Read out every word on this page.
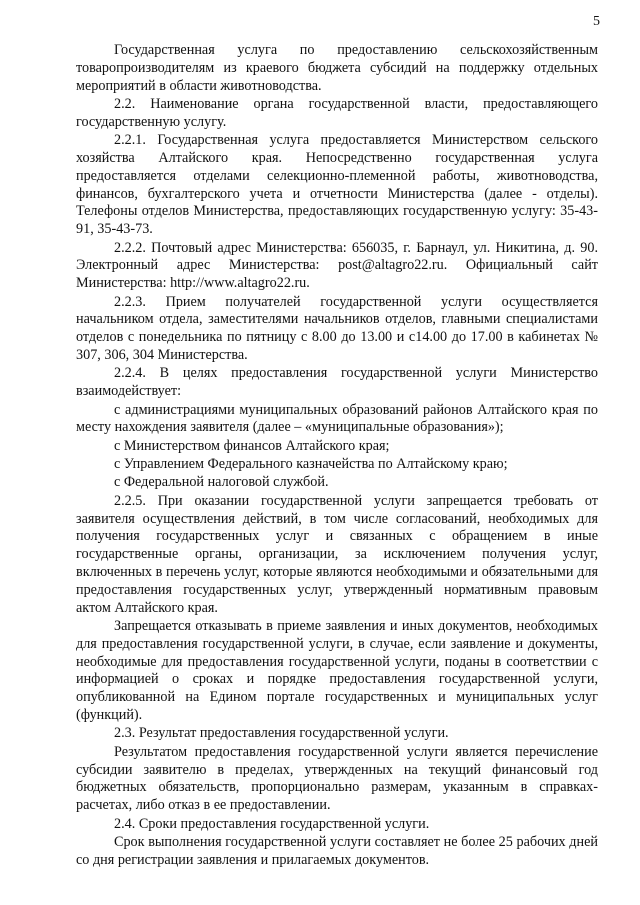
5

Государственная услуга по предоставлению сельскохозяйственным товаропроизводителям из краевого бюджета субсидий на поддержку отдельных мероприятий в области животноводства.

2.2. Наименование органа государственной власти, предоставляющего государственную услугу.

2.2.1. Государственная услуга предоставляется Министерством сельского хозяйства Алтайского края. Непосредственно государственная услуга предоставляется отделами селекционно-племенной работы, животноводства, финансов, бухгалтерского учета и отчетности Министерства (далее - отделы). Телефоны отделов Министерства, предоставляющих государственную услугу: 35-43-91, 35-43-73.

2.2.2. Почтовый адрес Министерства: 656035, г. Барнаул, ул. Никитина, д. 90. Электронный адрес Министерства: post@altagro22.ru. Официальный сайт Министерства: http://www.altagro22.ru.

2.2.3. Прием получателей государственной услуги осуществляется начальником отдела, заместителями начальников отделов, главными специалистами отделов с понедельника по пятницу с 8.00 до 13.00 и с14.00 до 17.00 в кабинетах № 307, 306, 304 Министерства.

2.2.4. В целях предоставления государственной услуги Министерство взаимодействует:

с администрациями муниципальных образований районов Алтайского края по месту нахождения заявителя (далее – «муниципальные образования»);

с Министерством финансов Алтайского края;

с Управлением Федерального казначейства по Алтайскому краю;

с Федеральной налоговой службой.

2.2.5. При оказании государственной услуги запрещается требовать от заявителя осуществления действий, в том числе согласований, необходимых для получения государственных услуг и связанных с обращением в иные государственные органы, организации, за исключением получения услуг, включенных в перечень услуг, которые являются необходимыми и обязательными для предоставления государственных услуг, утвержденный нормативным правовым актом Алтайского края.

Запрещается отказывать в приеме заявления и иных документов, необходимых для предоставления государственной услуги, в случае, если заявление и документы, необходимые для предоставления государственной услуги, поданы в соответствии с информацией о сроках и порядке предоставления государственной услуги, опубликованной на Едином портале государственных и муниципальных услуг (функций).

2.3. Результат предоставления государственной услуги.

Результатом предоставления государственной услуги является перечисление субсидии заявителю в пределах, утвержденных на текущий финансовый год бюджетных обязательств, пропорционально размерам, указанным в справках-расчетах, либо отказ в ее предоставлении.

2.4. Сроки предоставления государственной услуги.

Срок выполнения государственной услуги составляет не более 25 рабочих дней со дня регистрации заявления и прилагаемых документов.
